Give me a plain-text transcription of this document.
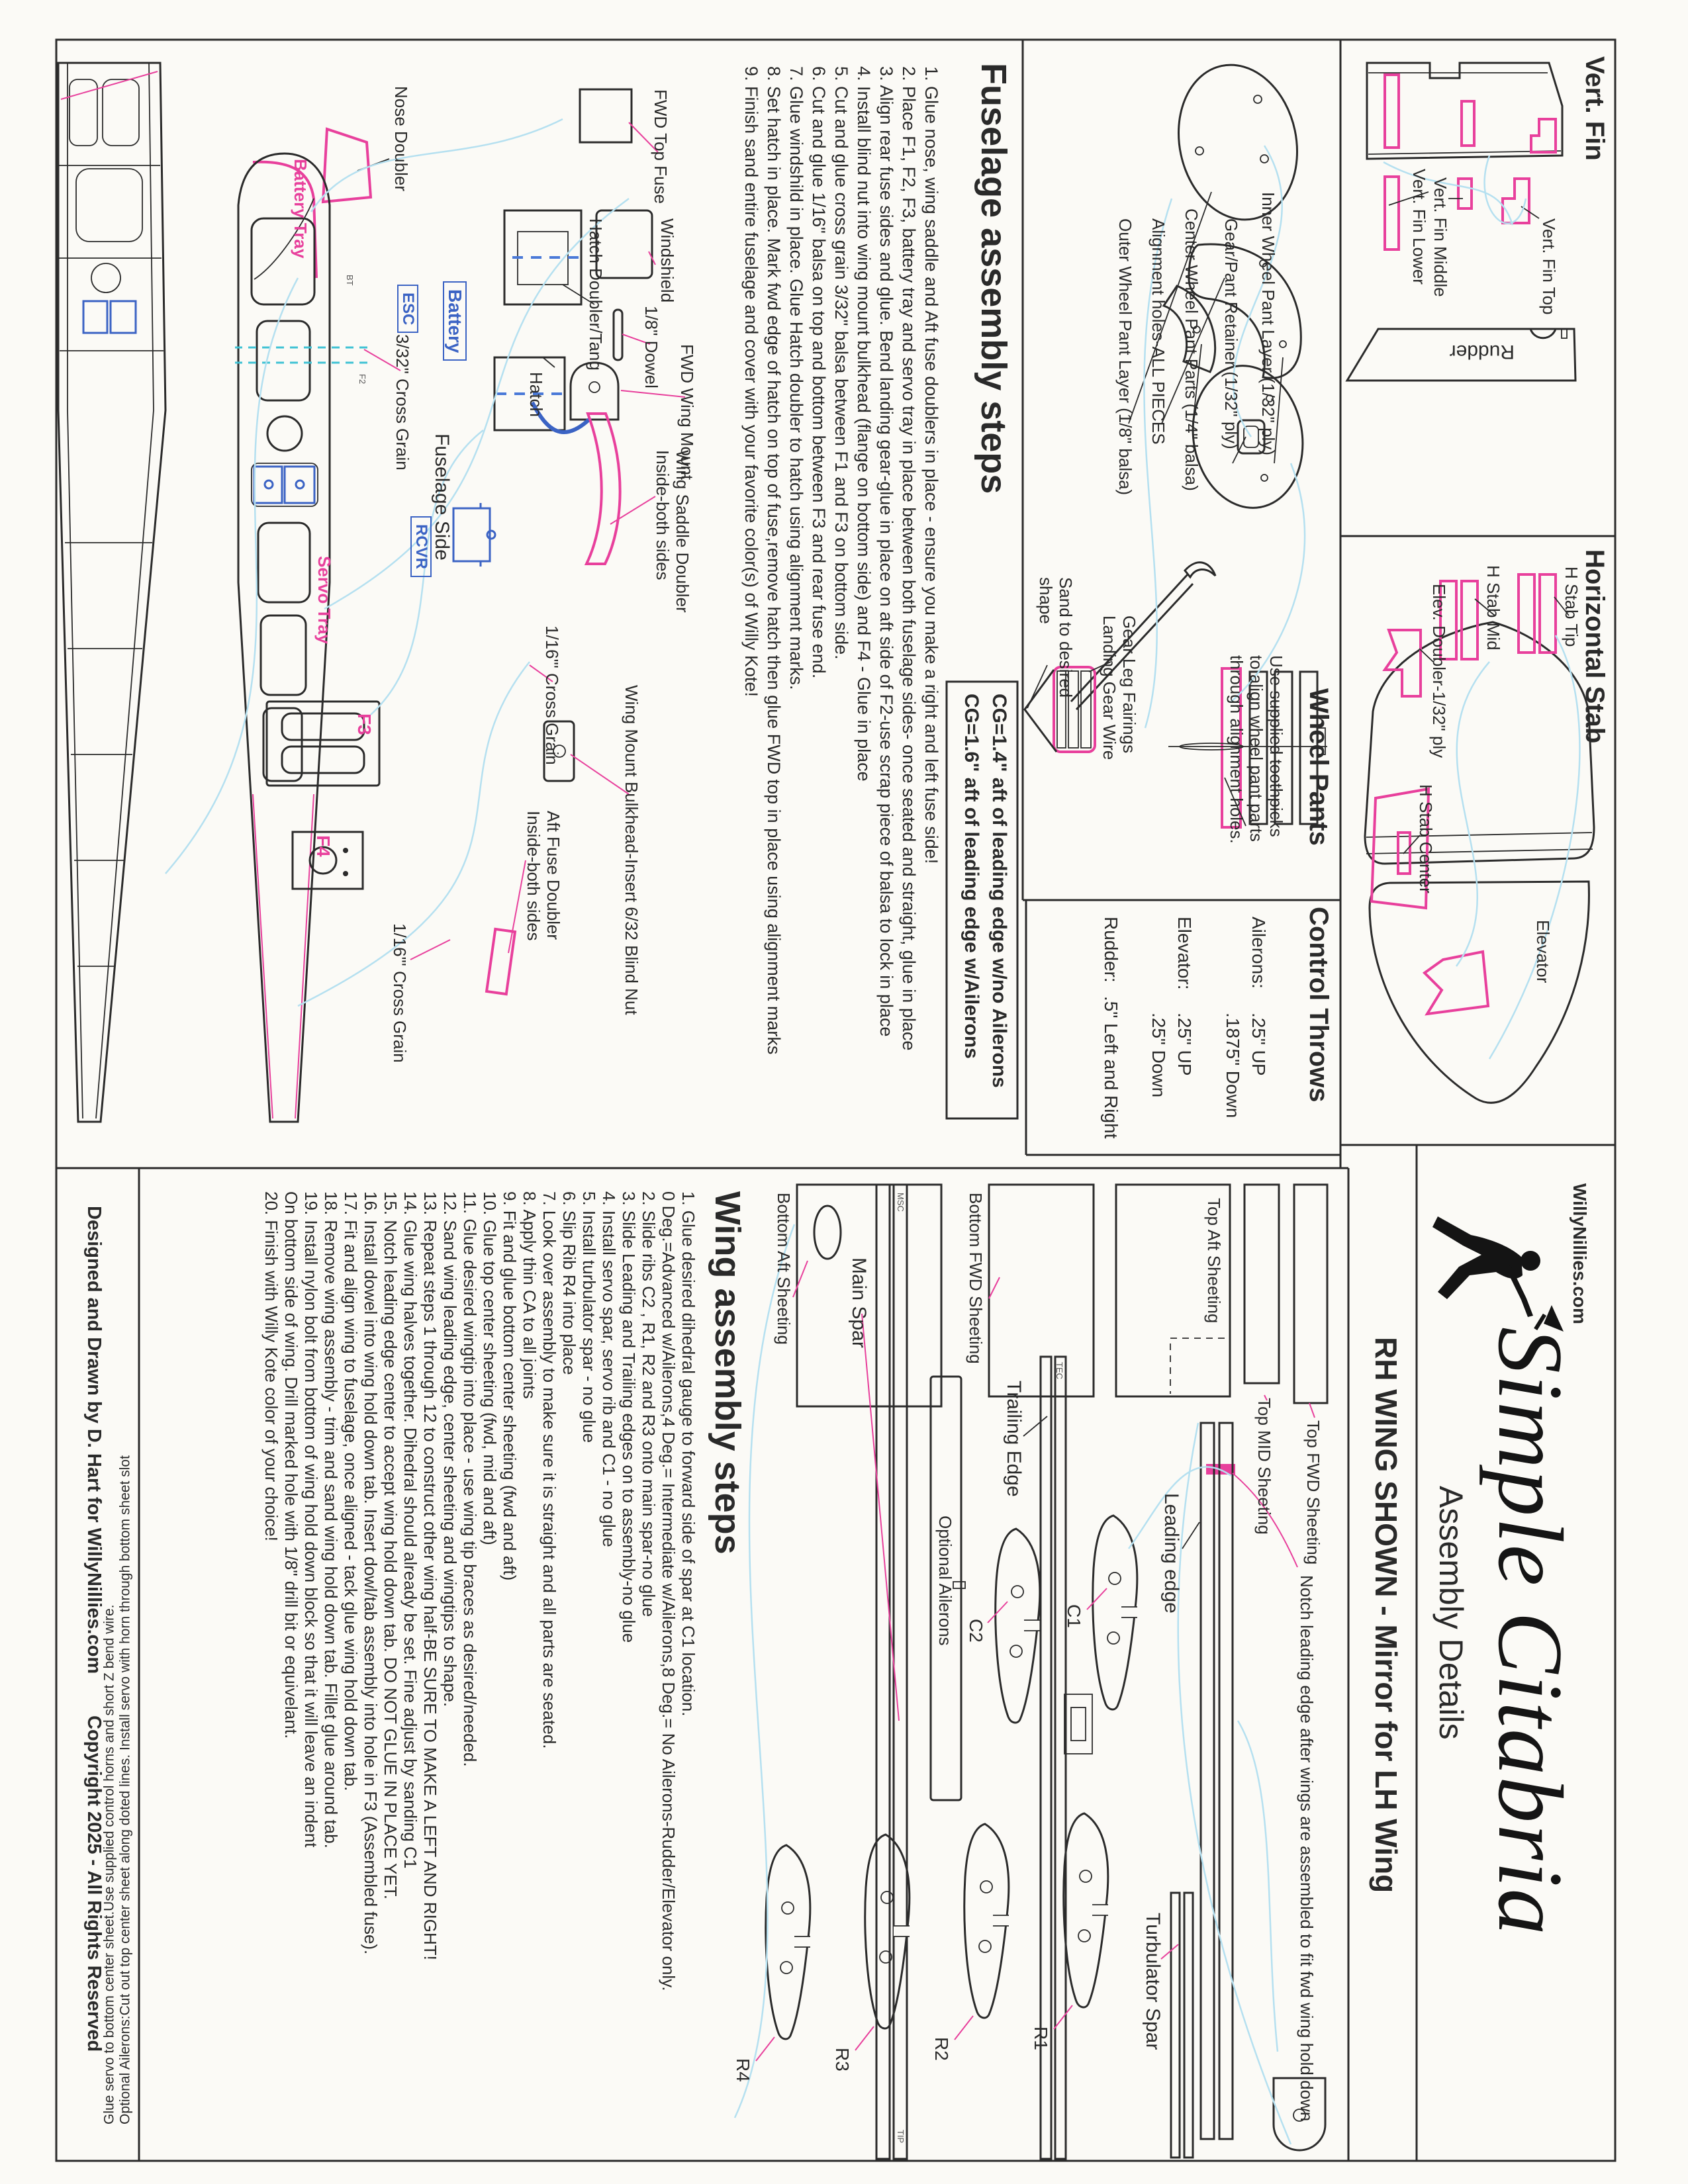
Vert. Fin
Horizontal Stab
Wheel Pants
Control Throws
Vert. Fin Top
Vert. Fin Middle
Vert. Fin Lower
Rudder
H Stab Tip
H Stab Mid
Elev. Doubler-1/32" ply
Elevator
H Stab Center
WillyNillies.com
Simple Citabria
Assembly Details
RH WING SHOWN - Mirror for LH Wing
Inner Wheel Pant Layer (1/32" ply)
Gear/Pant Retainer (1/32" ply)
Center Wheel Pant Parts (1/4" balsa)
Alignment holes-ALL PIECES
Outer Wheel Pant Layer (1/8" balsa)
Use supplied toothpicks
to align wheel pant parts
through alignment holes.
Gear Leg Fairings
Landing Gear Wire
Sand to desired
shape
Ailerons:
.25" UP
.1875" Down
Elevator:
.25" UP
.25" Down
Rudder:
.5" Left and Right
CG=1.4" aft of leading edge w/no Ailerons
CG=1.6" aft of leading edge w/Ailerons
Fuselage assembly steps
1. Glue nose, wing saddle and Aft fuse doublers in place - ensure you make a right and left fuse side!
2. Place F1, F2, F3, battery tray and servo tray in place between both fuselage sides- once seated and straight, glue in place
3. Align rear fuse sides and glue. Bend landing gear-glue in place on aft side of F2-use scrap piece of balsa to lock in place
4. Install blind nut into wing mount bulkhead (flange on bottom side) and F4 - Glue in place
5. Cut and glue cross grain 3/32" balsa between F1 and F3 on bottom side.
6. Cut and glue 1/16" balsa on top and bottom between F3 and rear fuse end.
7. Glue windshild in place. Glue Hatch doubler to hatch using alignment marks.
8. Set hatch in place. Mark fwd edge of hatch on top of fuse,remove hatch then glue FWD top in place using alignment marks
9. Finish sand entire fuselage and cover with your favorite color(s) of Willy Kote!
Nose Doubler
Hatch Doubler/Tang
Hatch
FWD Top Fuse
Windshield
1/8" Dowel FWD Wing Mount
Wing Saddle Doubler
Inside-both sides
3/32" Cross Grain
Fuselage Side
1/16"' Cross Grain	Wing Mount Bulkhead-Insert 6/32 Blind Nut
Aft Fuse Doubler
Inside-both sides
1/16"' Cross Grain
F3
F4
F2
BT
Battery Tray
Servo Tray
Battery
ESC
RCVR
Top FWD Sheeting
Top MID Sheeting
Top Aft Sheeting
Bottom FWD Sheeting
Bottom Aft Sheeting
Notch leading edge after wings are assembled to fit fwd wing hold down
Leading edge
Turbulator Spar
Trailing Edge
Optional Ailerons
Main Spar
C1
C2
R1
R2
R3
R4
MSC
TEC
TIP
Wing assembly steps
1. Glue desired dihedral gauge to forward side of spar at C1 location.
0 Deg.=Advanced w/Ailerons,4 Deg.= Intermediate w/Ailerons,8 Deg.= No Ailerons-Rudder/Elevator only.
2. Slide ribs C2 , R1, R2 and R3 onto main spar-no glue
3. Slide Leading and Trailing edges on to assembly-no glue
4. Install servo spar, servo rib and C1 - no glue
5. Install turbulator spar - no glue
6. Slip Rib R4 into place
7. Look over assembly to make sure it is straight and all parts are seated.
8. Apply thin CA to all joints
9. Fit and glue bottom center sheeting (fwd and aft)
10. Glue top center sheeting (fwd, mid and aft)
11. Glue desired wingtip into place - use wing tip braces as desired/needed.
12. Sand wing leading edge, center sheeting and wingtips to shape.
13. Repeat steps 1 through 12 to construct other wing half-BE SURE TO MAKE A LEFT AND RIGHT!
14. Glue wing halves together. Dihedral should already be set. Fine adjust by sanding C1
15. Notch leading edge center to accept wing hold down tab. DO NOT GLUE IN PLACE YET.
16. Install dowel into wing hold down tab. Insert dowl/tab assembly into hole in F3 (Assembled fuse).
17. Fit and align wing to fuselage, once aligned - tack glue wing hold down tab.
18. Remove wing assembly - trim and sand wing hold down tab. Fillet glue around tab.
19. Install nylon bolt from bottom of wing hold down block so that it will leave an indent
On bottom side of wing. Drill marked hole with 1/8" drill bit or equivelant.
20. Finish with Willy Kote color of your choice!
Glue servo to bottom center sheet.Use supplied control horns and short Z bend wire. Optional Ailerons:Cut out top center sheet along doted lines. Install servo with horn through bottom sheet slot
Designed and Drawn by D. Hart for WillyNillies.com
Copyright 2025 - All Rights Reserved
